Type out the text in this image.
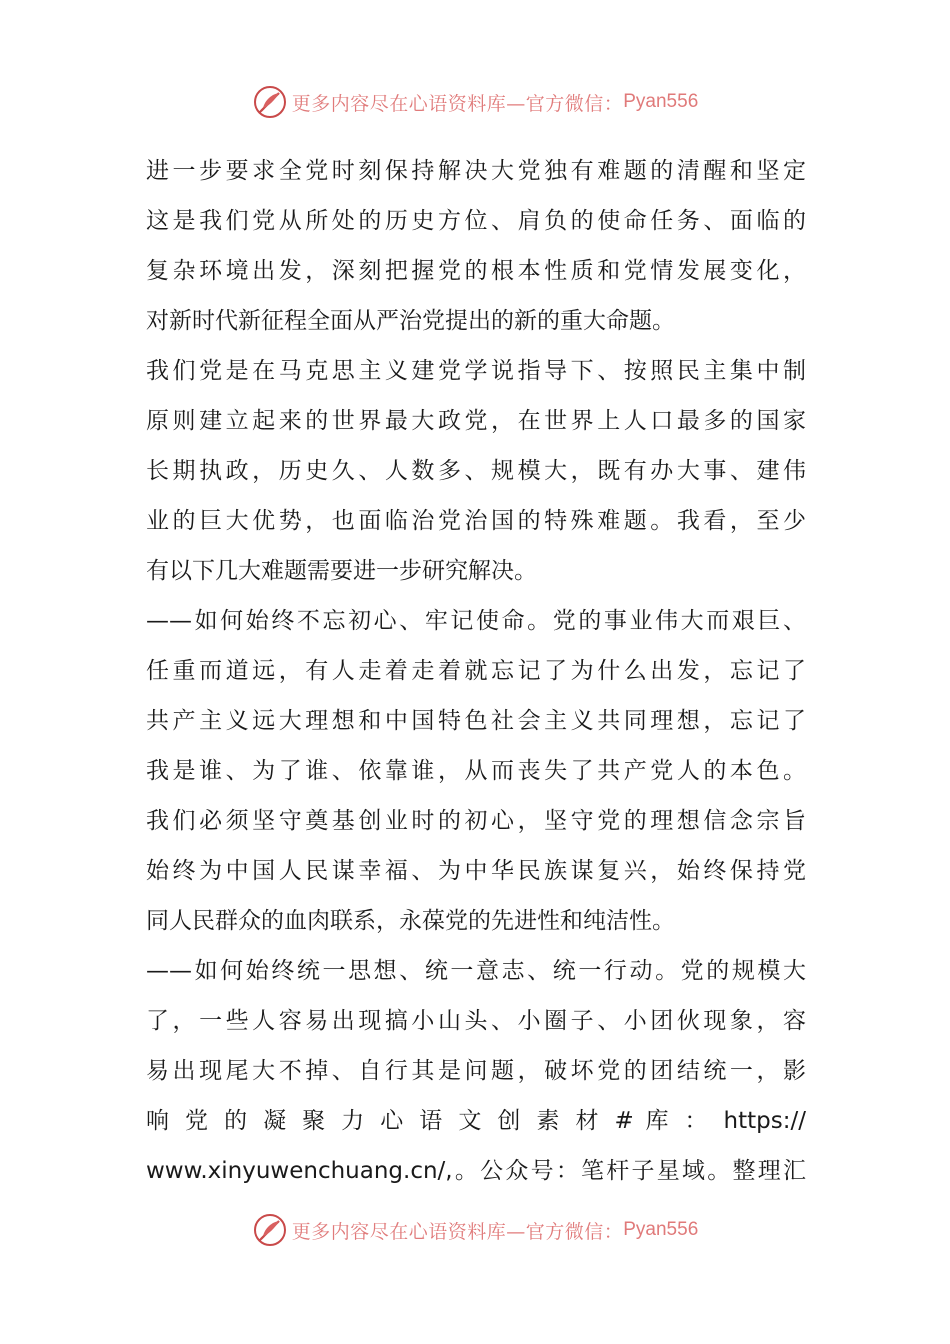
更多内容尽在心语资料库—官方微信： Pyan556
进一步要求全党时刻保持解决大党独有难题的清醒和坚定
这是我们党从所处的历史方位、肩负的使命任务、面临的
复杂环境出发，深刻把握党的根本性质和党情发展变化，
对新时代新征程全面从严治党提出的新的重大命题。
我们党是在马克思主义建党学说指导下、按照民主集中制
原则建立起来的世界最大政党，在世界上人口最多的国家
长期执政，历史久、人数多、规模大，既有办大事、建伟
业的巨大优势，也面临治党治国的特殊难题。我看，至少
有以下几大难题需要进一步研究解决。
——如何始终不忘初心、牢记使命。党的事业伟大而艰巨、
任重而道远，有人走着走着就忘记了为什么出发，忘记了
共产主义远大理想和中国特色社会主义共同理想，忘记了
我是谁、为了谁、依靠谁，从而丧失了共产党人的本色。
我们必须坚守奠基创业时的初心，坚守党的理想信念宗旨
始终为中国人民谋幸福、为中华民族谋复兴，始终保持党
同人民群众的血肉联系，永葆党的先进性和纯洁性。
——如何始终统一思想、统一意志、统一行动。党的规模大
了，一些人容易出现搞小山头、小圈子、小团伙现象，容
易出现尾大不掉、自行其是问题，破坏党的团结统一，影
响 党 的 凝 聚 力 心 语 文 创 素 材 # 库 ： https://
www.xinyuwenchuang.cn/,。公众号：笔杆子星域。整理汇
更多内容尽在心语资料库—官方微信： Pyan556
